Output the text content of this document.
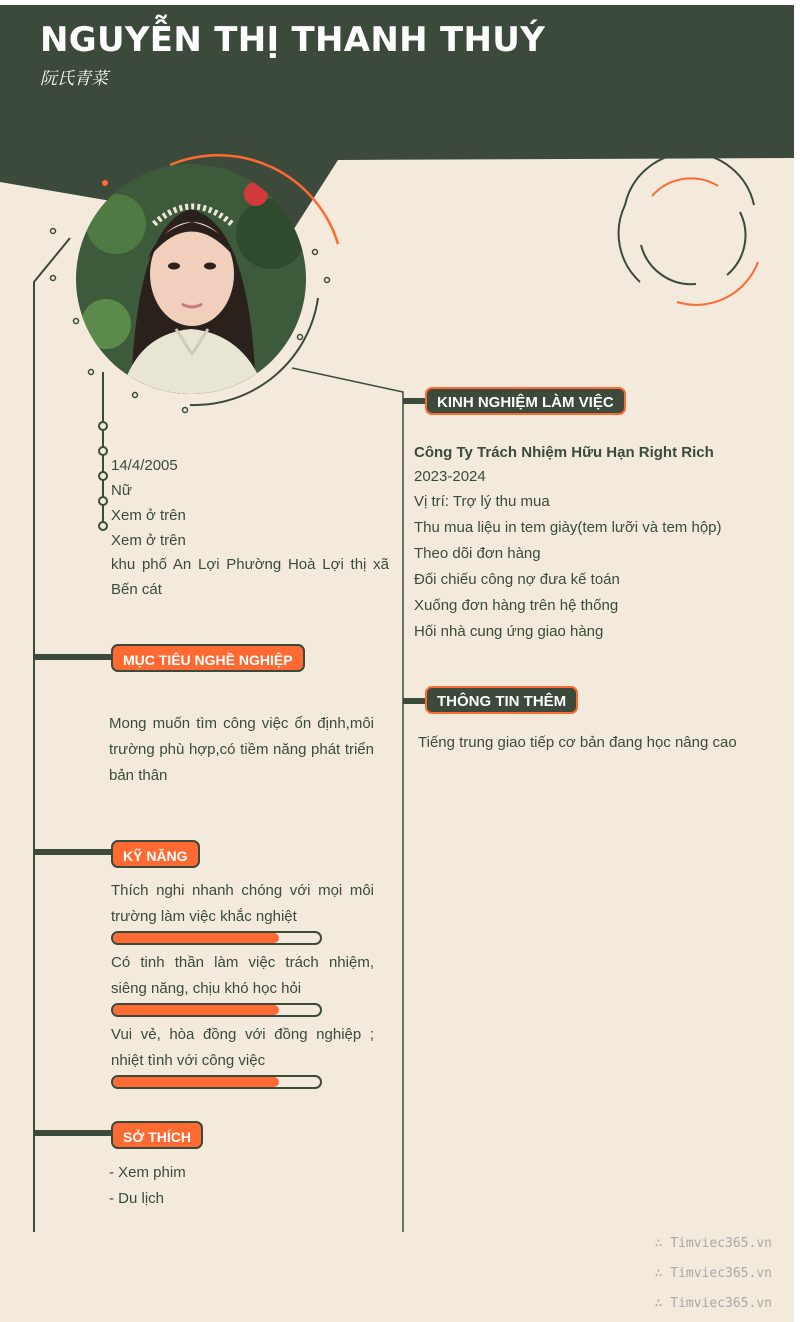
NGUYỄN THỊ THANH THUÝ
阮氏青菜
14/4/2005
Nữ
Xem ở trên
Xem ở trên
khu phố An Lợi Phường Hoà Lợi thị xã Bến cát
MỤC TIÊU NGHỀ NGHIỆP
Mong muốn tìm công việc ổn định,môi trường phù hợp,có tiềm năng phát triển bản thân
KỸ NĂNG
Thích nghi nhanh chóng với mọi môi trường làm việc khắc nghiệt
Có tinh thần làm việc trách nhiệm, siêng năng, chịu khó học hỏi
Vui vẻ, hòa đồng với đồng nghiệp ; nhiệt tình với công việc
SỞ THÍCH
- Xem phim
- Du lịch
KINH NGHIỆM LÀM VIỆC
Công Ty Trách Nhiệm Hữu Hạn Right Rich
2023-2024
Vị trí: Trợ lý thu mua
Thu mua liệu in tem giày(tem lưỡi và tem hộp)
Theo dõi đơn hàng
Đối chiếu công nợ đưa kế toán
Xuống đơn hàng trên hệ thống
Hối nhà cung ứng giao hàng
THÔNG TIN THÊM
Tiếng trung giao tiếp cơ bản đang học nâng cao
∴ Timviec365.vn
∴ Timviec365.vn
∴ Timviec365.vn
